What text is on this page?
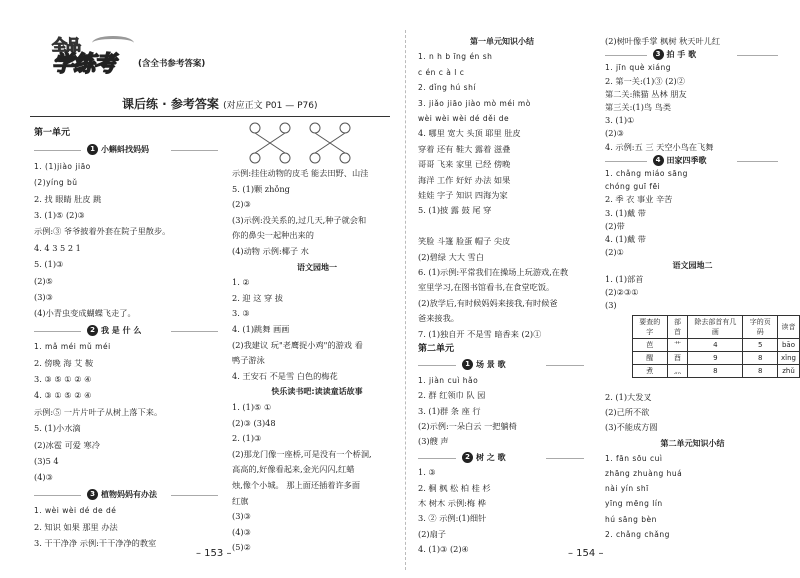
全品
学练考	(含全书参考答案)
课后练 · 参考答案 (对应正文 P01 — P76)
第一单元
1 小蝌蚪找妈妈
1. (1)jiào jiāo
(2)yíng bǔ
2. 找 眼睛 肚皮 跳
3. (1)⑤ (2)③
示例:③ 爷爷披着外套在院子里散步。
4. 4 3 5 2 1
5. (1)③
(2)⑤
(3)③
(4)小青虫变成蝴蝶飞走了。
2 我 是 什 么
1. mǎ méi mǔ méi
2. 傍晚 海 艾 鞍
3. ③ ⑤ ① ② ④
4. ③ ① ⑤ ② ④
示例:⑤ 一片片叶子从树上落下来。
5. (1)小水滴
(2)冰雹 可爱 寒冷
(3)5 4
(4)③
3 植物妈妈有办法
1. wèi wèi dé de dé
2. 知识 如果 那里 办法
3. 干干净净 示例:干干净净的教室
示例:挂住动物的皮毛 能去田野、山洼
5. (1)颗 zhǒng
(2)③
(3)示例:没关系的,过几天,种子就会和
你的鼻尖一起种出来的
(4)动物 示例:椰子 水
语文园地一
1. ②
2. 迎 这 穿 拔
3. ③
4. (1)跳舞 画画
(2)我建议 玩"老鹰捉小鸡"的游戏 看
鸭子游泳
4. 王安石 不是雪 白色的梅花
快乐读书吧:读读童话故事
1. (1)⑤ ①
(2)③ (3)48
2. (1)③
(2)那龙门像一座桥,可是没有一个桥洞,
高高的,好像看起来,金光闪闪,红蜡
烛,像个小城。 那上面还插着许多面
红旗
(3)③
(4)③
(5)②
第一单元知识小结
1. n h b īng én sh
c én c à l c
2. dǐng hú shí
3. jiǎo jiāo jiào mò méi mò
wèi wèi wèi dé děi de
4. 哪里 宽大 头顶 耶里 肚皮
穿着 还有 鞋大 露着 滋叠
哥哥 飞来 家里 已经 傍晚
海洋 工作 好好 办法 如果
娃娃 字子 知识 四海为家
5. (1)披 露 鼓 尾 穿
笑脸 斗篷 脸蛋 帽子 尖皮
(2)碧绿 大大 雪白
6. (1)示例:平常我们在操场上玩游戏,在教
室里学习,在图书馆看书,在食堂吃饭。
(2)放学后,有时候妈妈来接我,有时候爸
爸来接我。
7. (1)独自开 不是雪 暗香来 (2)①
第二单元
1 场 景 歌
1. jiàn cuì hǎo
2. 群 红领巾 队 园
3. (1)群 条 座 行
(2)示例:一朵白云 一把躺椅
(3)艘 声
2 树 之 歌
1. ③
2. 桐 枫 松 柏 桂 杉
木 树木 示例:梅 桦
3. ② 示例:(1)细针
(2)扇子
4. (1)③ (2)④
(2)树叶像手掌 枫树 秋天叶儿红
3 拍 手 歌
1. jīn què xiáng
2. 第一关:(1)③ (2)②
第二关:熊猫 丛林 朋友
第三关:(1)鸟 鸟类
3. (1)①
(2)③
4. 示例:五 三 天空小鸟在飞舞
4 田家四季歌
1. chǎng miáo sāng
chóng guī fēi
2. 季 衣 事业 辛苦
3. (1)戴 带
(2)带
4. (1)戴 带
(2)①
语文园地二
1. (1)部首
(2)②③①
(3)
2. (1)大发叉
(2)己所不欲
(3)不能成方圆
第二单元知识小结
1. fān sōu cuì
zhāng zhuàng huá
nài yín shī
yīng mēng lín
hú sāng bèn
2. chǎng chǎng
要查的字	部首	除去部首有几画	字的页码	读音
芭	艹	4	5	bāo
醒	酉	9	8	xǐng
煮	灬	8	8	zhǔ
– 153 –	– 154 –
